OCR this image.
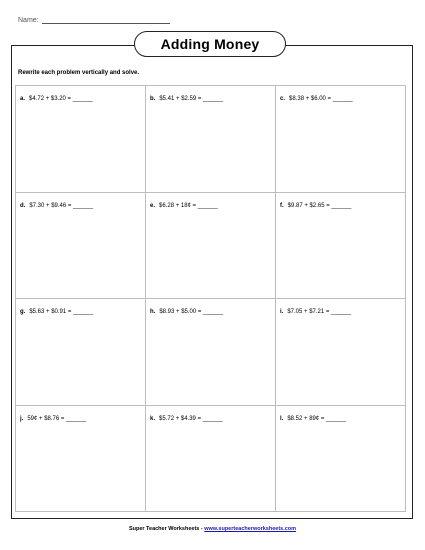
Name:
Adding Money
Rewrite each problem vertically and solve.
a. $4.72 + $3.20 = ______	b. $5.41 + $2.59 = ______	c. $8.38 + $6.00 = ______
d. $7.30 + $9.46 = ______	e. $6.28 + 18¢ = ______	f. $9.87 + $2.65 = ______
g. $5.63 + $0.91 = ______	h. $8.93 + $5.00 = ______	i. $7.05 + $7.21 = ______
j. 59¢ + $8.76 = ______	k. $5.72 + $4.39 = ______	l. $8.52 + 89¢ = ______
Super Teacher Worksheets - www.superteacherworksheets.com
